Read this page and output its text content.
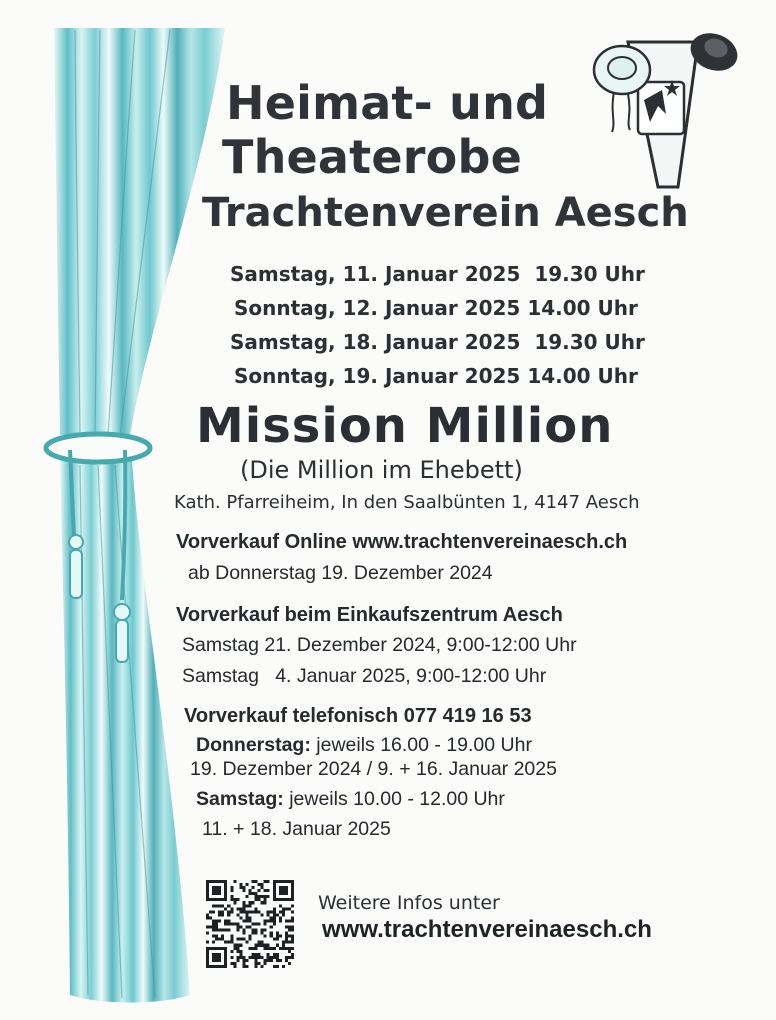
Heimat- und
Theaterobe
Trachtenverein Aesch
Samstag, 11. Januar 2025 19.30 Uhr
Sonntag, 12. Januar 2025 14.00 Uhr
Samstag, 18. Januar 2025 19.30 Uhr
Sonntag, 19. Januar 2025 14.00 Uhr
Mission Million
(Die Million im Ehebett)
Kath. Pfarreiheim, In den Saalbünten 1, 4147 Aesch
Vorverkauf Online www.trachtenvereinaesch.ch
ab Donnerstag 19. Dezember 2024
Vorverkauf beim Einkaufszentrum Aesch
Samstag 21. Dezember 2024, 9:00-12:00 Uhr
Samstag   4. Januar 2025, 9:00-12:00 Uhr
Vorverkauf telefonisch 077 419 16 53
Donnerstag: jeweils 16.00 - 19.00 Uhr
19. Dezember 2024 / 9. + 16. Januar 2025
Samstag: jeweils 10.00 - 12.00 Uhr
11. + 18. Januar 2025
Weitere Infos unter
www.trachtenvereinaesch.ch
